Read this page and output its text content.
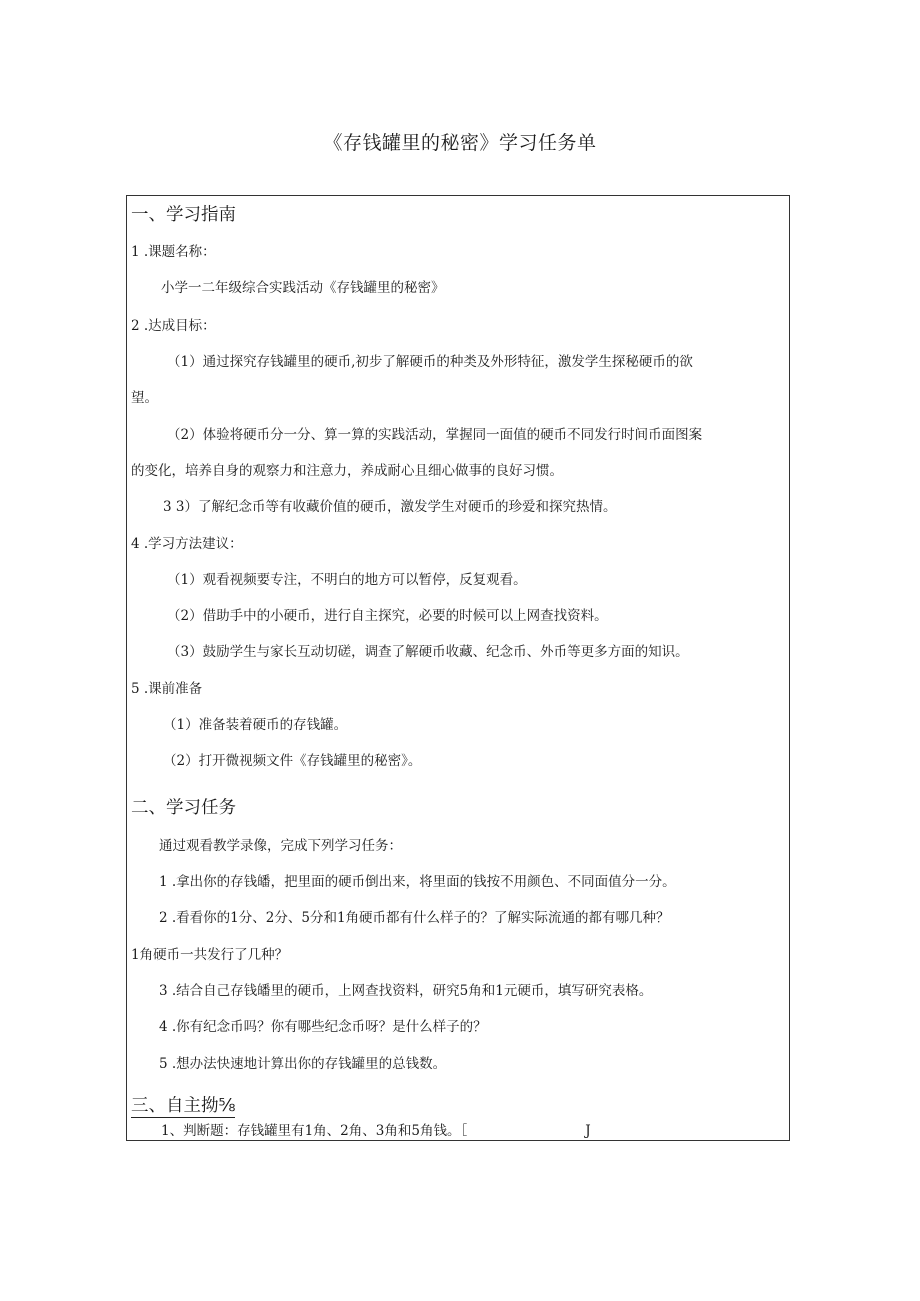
《存钱罐里的秘密》学习任务单
一、学习指南
1 .课题名称：
小学一二年级综合实践活动《存钱罐里的秘密》
2 .达成目标：
（1）通过探究存钱罐里的硬币,初步了解硬币的种类及外形特征，激发学生探秘硬币的欲
望。
（2）体验将硬币分一分、算一算的实践活动，掌握同一面值的硬币不同发行时间币面图案
的变化，培养自身的观察力和注意力，养成耐心且细心做事的良好习惯。
3 3）了解纪念币等有收藏价值的硬币，激发学生对硬币的珍爱和探究热情。
4 .学习方法建议：
（1）观看视频要专注，不明白的地方可以暂停，反复观看。
（2）借助手中的小硬币，进行自主探究，必要的时候可以上网查找资料。
（3）鼓励学生与家长互动切磋，调查了解硬币收藏、纪念币、外币等更多方面的知识。
5 .课前准备
（1）准备装着硬币的存钱罐。
（2）打开微视频文件《存钱罐里的秘密》。
二、学习任务
通过观看教学录像，完成下列学习任务：
1 .拿出你的存钱皤，把里面的硬币倒出来，将里面的钱按不用颜色、不同面值分一分。
2 .看看你的1分、2分、5分和1角硬币都有什么样子的？了解实际流通的都有哪几种？
1角硬币一共发行了几种？
3 .结合自己存钱皤里的硬币，上网查找资料，研究5角和1元硬币，填写研究表格。
4 .你有纪念币吗？你有哪些纪念币呀？是什么样子的？
5 .想办法快速地计算出你的存钱罐里的总钱数。
三、自主拗⅝
1、判断题：存钱罐里有1角、2角、3角和5角钱。［	J
